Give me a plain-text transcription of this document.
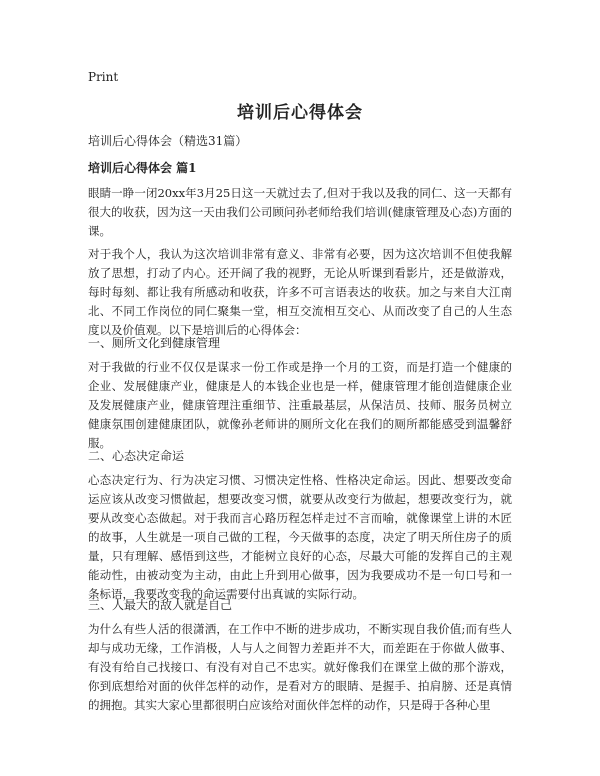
Print
培训后心得体会
培训后心得体会（精选31篇）
培训后心得体会 篇1
眼睛一睁一闭20xx年3月25日这一天就过去了,但对于我以及我的同仁、这一天都有很大的收获，因为这一天由我们公司顾问孙老师给我们培训(健康管理及心态)方面的课。
对于我个人，我认为这次培训非常有意义、非常有必要，因为这次培训不但使我解放了思想，打动了内心。还开阔了我的视野，无论从听课到看影片，还是做游戏，每时每刻、都让我有所感动和收获，许多不可言语表达的收获。加之与来自大江南北、不同工作岗位的同仁聚集一堂，相互交流相互交心、从而改变了自己的人生态度以及价值观。以下是培训后的心得体会：
一、厕所文化到健康管理
对于我做的行业不仅仅是谋求一份工作或是挣一个月的工资，而是打造一个健康的企业、发展健康产业，健康是人的本钱企业也是一样，健康管理才能创造健康企业及发展健康产业，健康管理注重细节、注重最基层，从保洁员、技师、服务员树立健康氛围创建健康团队，就像孙老师讲的厕所文化在我们的厕所都能感受到温馨舒服。
二、心态决定命运
心态决定行为、行为决定习惯、习惯决定性格、性格决定命运。因此、想要改变命运应该从改变习惯做起，想要改变习惯，就要从改变行为做起，想要改变行为，就要从改变心态做起。对于我而言心路历程怎样走过不言而喻，就像课堂上讲的木匠的故事，人生就是一项自己做的工程，今天做事的态度，决定了明天所住房子的质量，只有理解、感悟到这些，才能树立良好的心态，尽最大可能的发挥自己的主观能动性，由被动变为主动，由此上升到用心做事，因为我要成功不是一句口号和一条标语，我要改变我的命运需要付出真诚的实际行动。
三、人最大的敌人就是自己
为什么有些人活的很潇洒，在工作中不断的进步成功，不断实现自我价值;而有些人却与成功无缘，工作消极，人与人之间智力差距并不大，而差距在于你做人做事、有没有给自己找接口、有没有对自己不忠实。就好像我们在课堂上做的那个游戏，你到底想给对面的伙伴怎样的动作，是看对方的眼睛、是握手、拍肩膀、还是真情的拥抱。其实大家心里都很明白应该给对面伙伴怎样的动作，只是碍于各种心里
